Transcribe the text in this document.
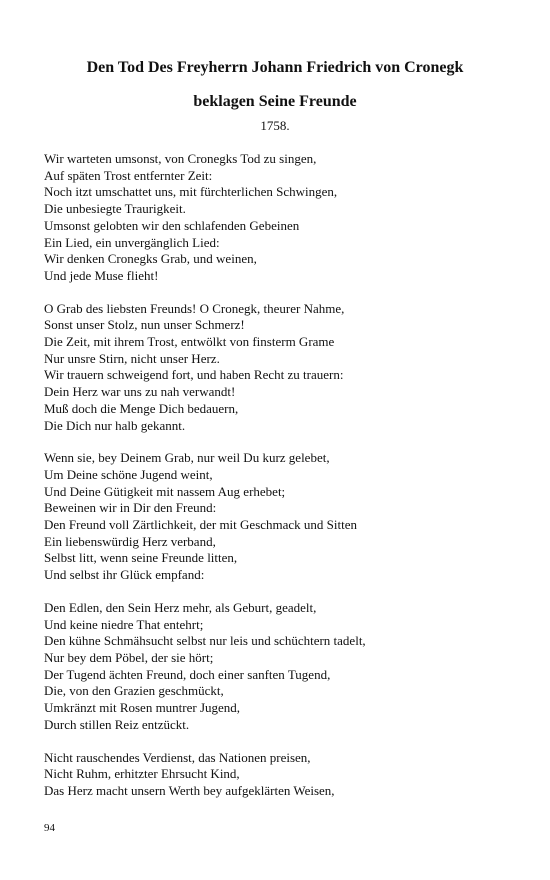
Den Tod Des Freyherrn Johann Friedrich von Cronegk
beklagen Seine Freunde
1758.
Wir warteten umsonst, von Cronegks Tod zu singen,
Auf späten Trost entfernter Zeit:
Noch itzt umschattet uns, mit fürchterlichen Schwingen,
Die unbesiegte Traurigkeit.
Umsonst gelobten wir den schlafenden Gebeinen
Ein Lied, ein unvergänglich Lied:
Wir denken Cronegks Grab, und weinen,
Und jede Muse flieht!
O Grab des liebsten Freunds! O Cronegk, theurer Nahme,
Sonst unser Stolz, nun unser Schmerz!
Die Zeit, mit ihrem Trost, entwölkt von finsterm Grame
Nur unsre Stirn, nicht unser Herz.
Wir trauern schweigend fort, und haben Recht zu trauern:
Dein Herz war uns zu nah verwandt!
Muß doch die Menge Dich bedauern,
Die Dich nur halb gekannt.
Wenn sie, bey Deinem Grab, nur weil Du kurz gelebet,
Um Deine schöne Jugend weint,
Und Deine Gütigkeit mit nassem Aug erhebet;
Beweinen wir in Dir den Freund:
Den Freund voll Zärtlichkeit, der mit Geschmack und Sitten
Ein liebenswürdig Herz verband,
Selbst litt, wenn seine Freunde litten,
Und selbst ihr Glück empfand:
Den Edlen, den Sein Herz mehr, als Geburt, geadelt,
Und keine niedre That entehrt;
Den kühne Schmähsucht selbst nur leis und schüchtern tadelt,
Nur bey dem Pöbel, der sie hört;
Der Tugend ächten Freund, doch einer sanften Tugend,
Die, von den Grazien geschmückt,
Umkränzt mit Rosen muntrer Jugend,
Durch stillen Reiz entzückt.
Nicht rauschendes Verdienst, das Nationen preisen,
Nicht Ruhm, erhitzter Ehrsucht Kind,
Das Herz macht unsern Werth bey aufgeklärten Weisen,
94
